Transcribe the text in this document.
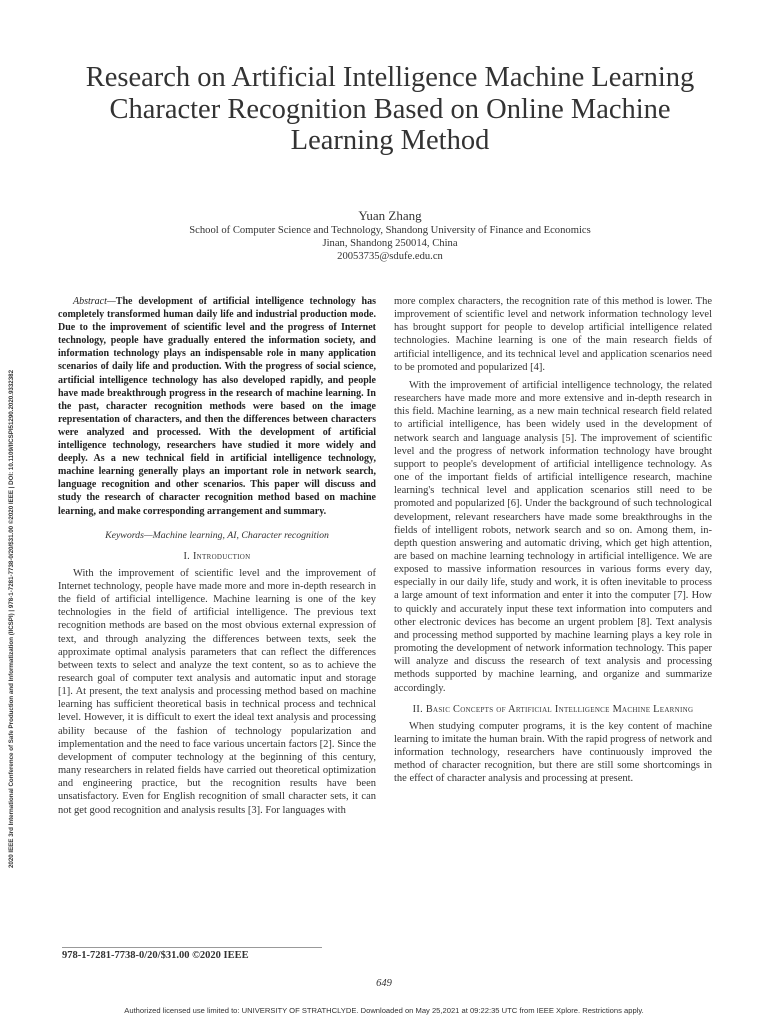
Research on Artificial Intelligence Machine Learning Character Recognition Based on Online Machine Learning Method
Yuan Zhang
School of Computer Science and Technology, Shandong University of Finance and Economics
Jinan, Shandong 250014, China
20053735@sdufe.edu.cn
2020 IEEE 3rd International Conference of Safe Production and Informatization (IICSPI) | 978-1-7281-7738-0/20/$31.00 ©2020 IEEE | DOI: 10.1109/IICSPI51290.2020.9332382

Abstract—The development of artificial intelligence technology has completely transformed human daily life and industrial production mode. Due to the improvement of scientific level and the progress of Internet technology, people have gradually entered the information society, and information technology plays an indispensable role in many application scenarios of daily life and production. With the progress of social science, artificial intelligence technology has also developed rapidly, and people have made breakthrough progress in the research of machine learning. In the past, character recognition methods were based on the image representation of characters, and then the differences between characters were analyzed and processed. With the development of artificial intelligence technology, researchers have studied it more widely and deeply. As a new technical field in artificial intelligence technology, machine learning generally plays an important role in network search, language recognition and other scenarios. This paper will discuss and study the research of character recognition method based on machine learning, and make corresponding arrangement and summary.

Keywords—Machine learning, AI, Character recognition
I. Introduction

With the improvement of scientific level and the improvement of Internet technology, people have made more and more in-depth research in the field of artificial intelligence. Machine learning is one of the key technologies in the field of artificial intelligence. The previous text recognition methods are based on the most obvious external expression of text, and through analyzing the differences between texts, seek the approximate optimal analysis parameters that can reflect the differences between texts to select and analyze the text content, so as to achieve the research goal of computer text analysis and automatic input and storage [1]. At present, the text analysis and processing method based on machine learning has sufficient theoretical basis in technical process and technical level. However, it is difficult to exert the ideal text analysis and processing ability because of the fashion of technology popularization and implementation and the need to face various uncertain factors [2]. Since the development of computer technology at the beginning of this century, many researchers in related fields have carried out theoretical optimization and engineering practice, but the recognition results have been unsatisfactory. Even for English recognition of small character sets, it can not get good recognition and analysis results [3]. For languages with

more complex characters, the recognition rate of this method is lower. The improvement of scientific level and network information technology level has brought support for people to develop artificial intelligence related technologies. Machine learning is one of the main research fields of artificial intelligence, and its technical level and application scenarios need to be promoted and popularized [4].

With the improvement of artificial intelligence technology, the related researchers have made more and more extensive and in-depth research in this field. Machine learning, as a new main technical research field related to artificial intelligence, has been widely used in the development of network search and language analysis [5]. The improvement of scientific level and the progress of network information technology have brought support to people's development of artificial intelligence technology. As one of the important fields of artificial intelligence research, machine learning's technical level and application scenarios still need to be promoted and popularized [6]. Under the background of such technological development, relevant researchers have made some breakthroughs in the fields of intelligent robots, network search and so on. Among them, in-depth question answering and automatic driving, which get high attention, are based on machine learning technology in artificial intelligence. We are exposed to massive information resources in various forms every day, especially in our daily life, study and work, it is often inevitable to process a large amount of text information and enter it into the computer [7]. How to quickly and accurately input these text information into computers and other electronic devices has become an urgent problem [8]. Text analysis and processing method supported by machine learning plays a key role in promoting the development of network information technology. This paper will analyze and discuss the research of text analysis and processing methods supported by machine learning, and organize and summarize accordingly.

II. Basic Concepts of Artificial Intelligence Machine Learning

When studying computer programs, it is the key content of machine learning to imitate the human brain. With the rapid progress of network and information technology, researchers have continuously improved the method of character recognition, but there are still some shortcomings in the effect of character analysis and processing at present.

978-1-7281-7738-0/20/$31.00 ©2020 IEEE
649
Authorized licensed use limited to: UNIVERSITY OF STRATHCLYDE. Downloaded on May 25,2021 at 09:22:35 UTC from IEEE Xplore. Restrictions apply.
